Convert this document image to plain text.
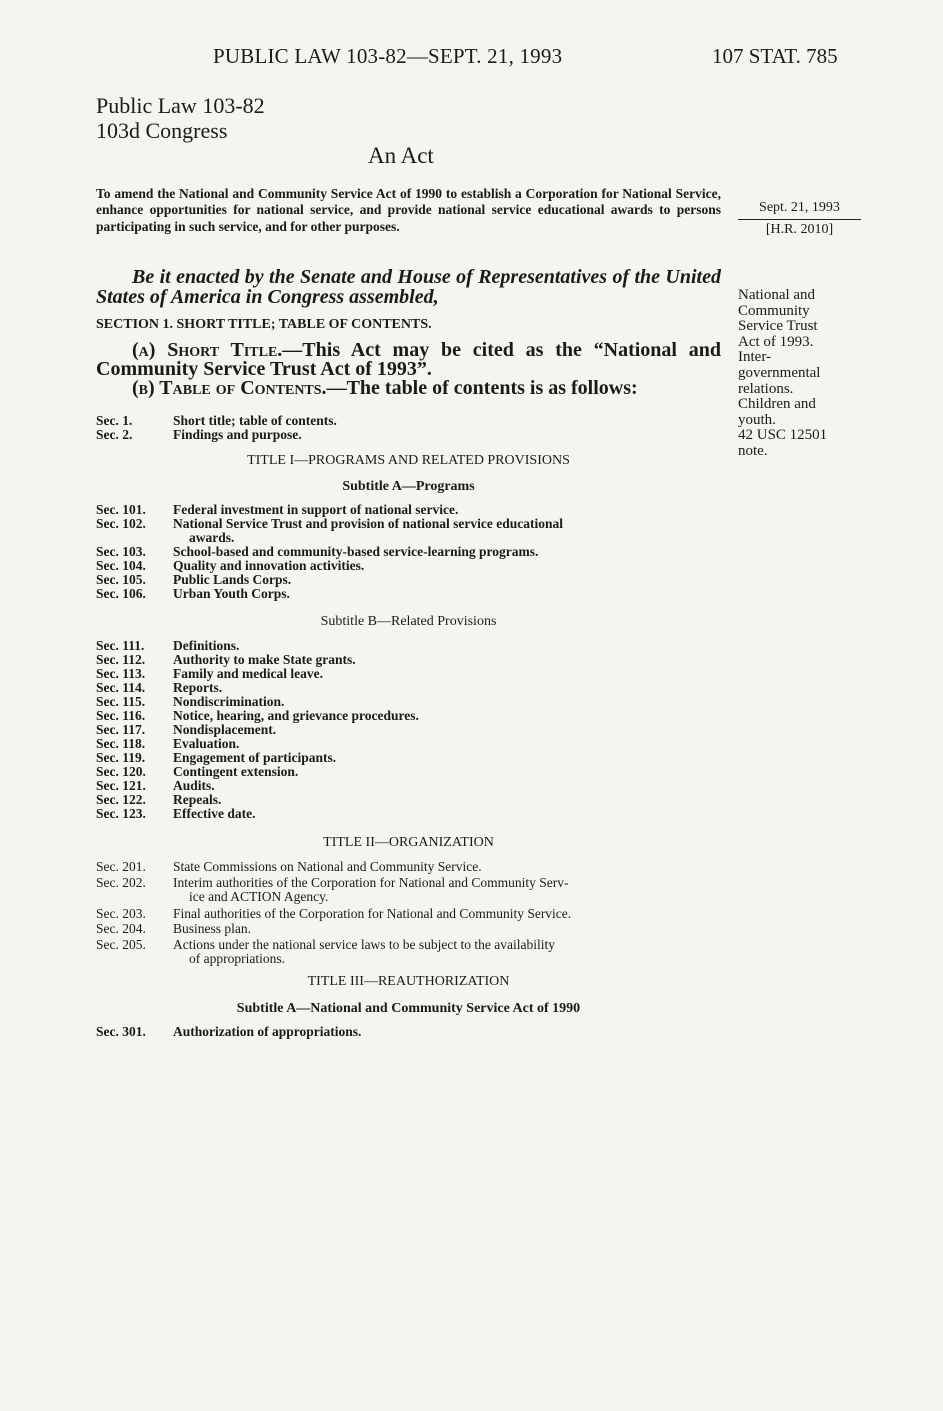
PUBLIC LAW 103-82—SEPT. 21, 1993	107 STAT. 785
Public Law 103-82
103d Congress
An Act
To amend the National and Community Service Act of 1990 to establish a Corporation for National Service, enhance opportunities for national service, and provide national service educational awards to persons participating in such service, and for other purposes.
Sept. 21, 1993
[H.R. 2010]
Be it enacted by the Senate and House of Representatives of the United States of America in Congress assembled,	National and
Community
Service Trust
Act of 1993.
Inter-
governmental
relations.
Children and
youth.
42 USC 12501
note.
SECTION 1. SHORT TITLE; TABLE OF CONTENTS.
(a) Short Title.—This Act may be cited as the “National and Community Service Trust Act of 1993”.
(b) Table of Contents.—The table of contents is as follows:
Sec. 1.	Short title; table of contents.
Sec. 2.	Findings and purpose.
TITLE I—PROGRAMS AND RELATED PROVISIONS
Subtitle A—Programs
Sec. 101. Federal investment in support of national service.
Sec. 102.	National Service Trust and provision of national service educational
awards.
Sec. 103. School-based and community-based service-learning programs.
Sec. 104. Quality and innovation activities.
Sec. 105. Public Lands Corps.
Sec. 106. Urban Youth Corps.
Subtitle B—Related Provisions
Sec. 111. Definitions.
Sec. 112. Authority to make State grants.
Sec. 113. Family and medical leave.
Sec. 114. Reports.
Sec. 115. Nondiscrimination.
Sec. 116. Notice, hearing, and grievance procedures.
Sec. 117. Nondisplacement.
Sec. 118. Evaluation.
Sec. 119. Engagement of participants.
Sec. 120. Contingent extension.
Sec. 121. Audits.
Sec. 122. Repeals.
Sec. 123. Effective date.
TITLE II—ORGANIZATION
Sec. 201. State Commissions on National and Community Service.
Sec. 202.	Interim authorities of the Corporation for National and Community Serv-
ice and ACTION Agency.
Sec. 203. Final authorities of the Corporation for National and Community Service.
Sec. 204. Business plan.
Sec. 205.	Actions under the national service laws to be subject to the availability
of appropriations.
TITLE III—REAUTHORIZATION
Subtitle A—National and Community Service Act of 1990
Sec. 301. Authorization of appropriations.
